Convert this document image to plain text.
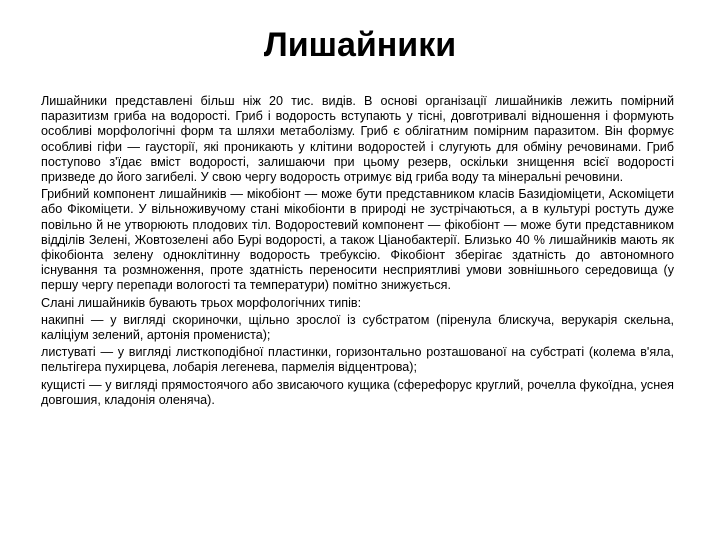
Лишайники

Лишайники представлені більш ніж 20 тис. видів. В основі організації лишайників лежить помірний паразитизм гриба на водорості. Гриб і водорость вступають у тісні, довготривалі відношення і формують особливі морфологічні форм та шляхи метаболізму. Гриб є облігатним помірним паразитом. Він формує особливі гіфи — гаусторії, які проникають у клітини водоростей і слугують для обміну речовинами. Гриб поступово з'їдає вміст водорості, залишаючи при цьому резерв, оскільки знищення всієї водорості призведе до його загибелі. У свою чергу водорость отримує від гриба воду та мінеральні речовини.

Грибний компонент лишайників — мікобіонт — може бути представником класів Базидіоміцети, Аскоміцети або Фікоміцети. У вільноживучому стані мікобіонти в природі не зустрічаються, а в культурі ростуть дуже повільно й не утворюють плодових тіл. Водоростевий компонент — фікобіонт — може бути представником відділів Зелені, Жовтозелені або Бурі водорості, а також Ціанобактерії. Близько 40 % лишайників мають як фікобіонта зелену одноклітинну водорость требуксію. Фікобіонт зберігає здатність до автономного існування та розмноження, проте здатність переносити несприятливі умови зовнішнього середовища (у першу чергу перепади вологості та температури) помітно знижується.

Слані лишайників бувають трьох морфологічних типів:

накипні — у вигляді скориночки, щільно зрослої із субстратом (піренула блискуча, верукарія скельна, каліціум зелений, артонія промениста);

листуваті — у вигляді листкоподібної пластинки, горизонтально розташованої на субстраті (колема в'яла, пельтігера пухирцева, лобарія легенева, пармелія відцентрова);

кущисті — у вигляді прямостоячого або звисаючого кущика (сферефорус круглий, рочелла фукоїдна, уснея довгошия, кладонія оленяча).
